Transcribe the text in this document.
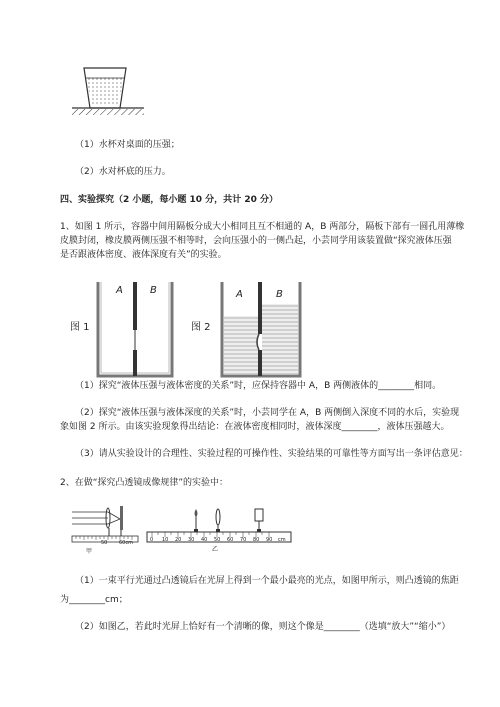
（1）水杯对桌面的压强；
（2）水对杯底的压力。
四、实验探究（2 小题，每小题 10 分，共计 20 分）
1、如图 1 所示，容器中间用隔板分成大小相同且互不相通的 A，B 两部分，隔板下部有一圆孔用薄橡
皮膜封闭，橡皮膜两侧压强不相等时，会向压强小的一侧凸起，小芸同学用该装置做“探究液体压强
是否跟液体密度、液体深度有关”的实验。
图 1
A	B
图 2
A	B
（1）探究“液体压强与液体密度的关系”时，应保持容器中 A，B 两侧液体的________相同。
（2）探究“液体压强与液体深度的关系”时，小芸同学在 A，B 两侧倒入深度不同的水后，实验现
象如图 2 所示。由该实验现象得出结论：在液体密度相同时，液体深度________，液体压强越大。
（3）请从实验设计的合理性、实验过程的可操作性、实验结果的可靠性等方面写出一条评估意见：
2、在做“探究凸透镜成像规律”的实验中：
50 60cm
甲
0 10 20 30 40 50 60 70 80 90 cm
乙
（1）一束平行光通过凸透镜后在光屏上得到一个最小最亮的光点，如图甲所示，则凸透镜的焦距
为________cm；
（2）如图乙，若此时光屏上恰好有一个清晰的像，则这个像是________（选填“放大”“缩小”）
